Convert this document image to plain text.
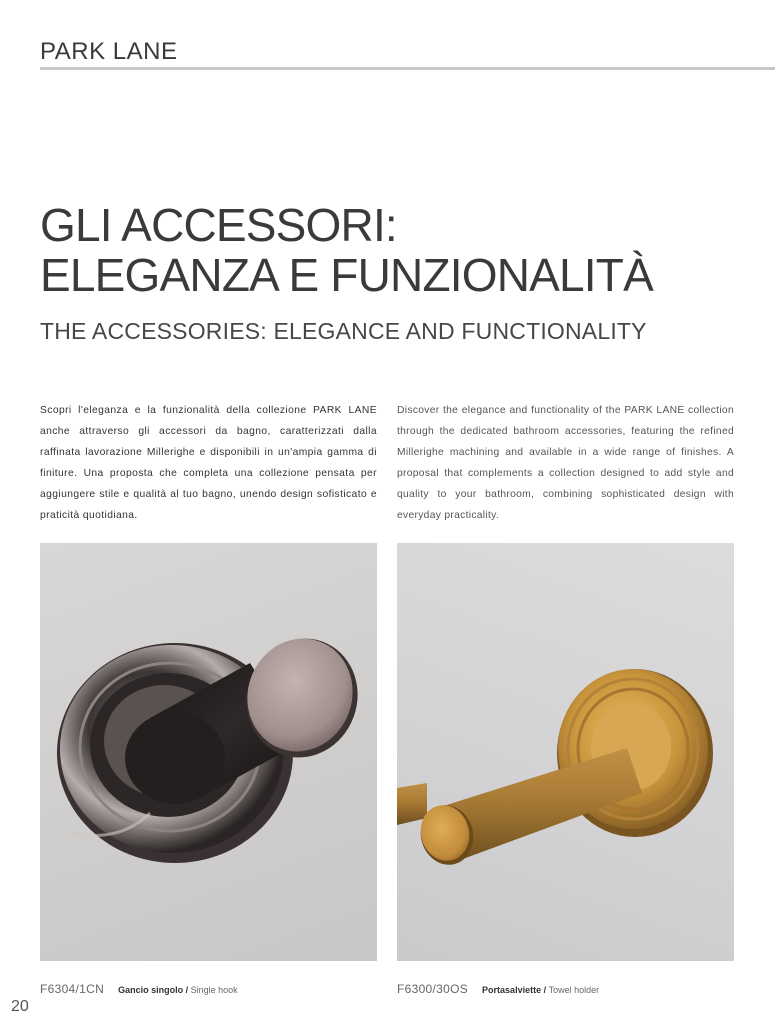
PARK LANE
GLI ACCESSORI:
ELEGANZA E FUNZIONALITÀ
THE ACCESSORIES: ELEGANCE AND FUNCTIONALITY
Scopri l'eleganza e la funzionalità della collezione PARK LANE anche attraverso gli accessori da bagno, caratterizzati dalla raffinata lavorazione Millerighe e disponibili in un'ampia gamma di finiture. Una proposta che completa una collezione pensata per aggiungere stile e qualità al tuo bagno, unendo design sofisticato e praticità quotidiana.
Discover the elegance and functionality of the PARK LANE collection through the dedicated bathroom accessories, featuring the refined Millerighe machining and available in a wide range of finishes. A proposal that complements a collection designed to add style and quality to your bathroom, combining sophisticated design with everyday practicality.
F6304/1CN Gancio singolo / Single hook	F6300/30OS Portasalviette / Towel holder
20
